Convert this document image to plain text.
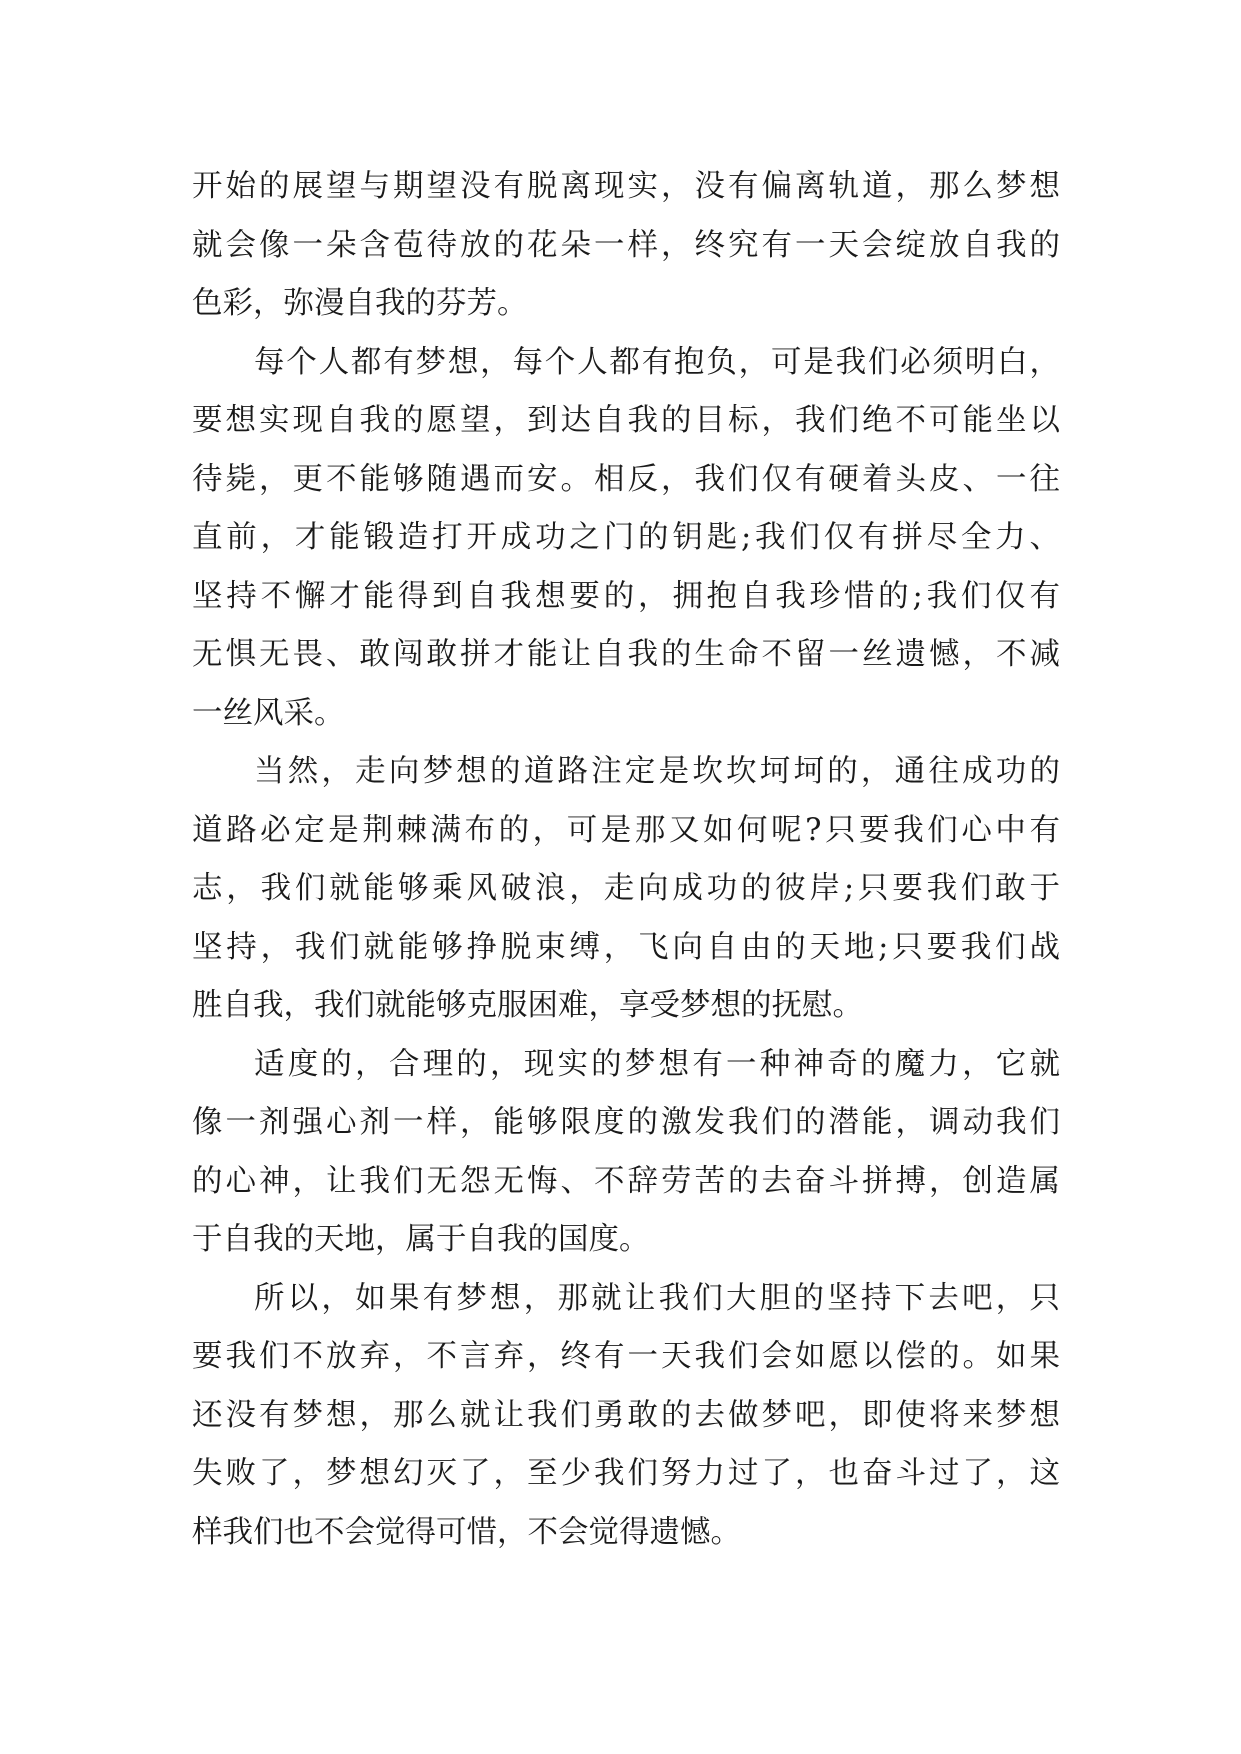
开始的展望与期望没有脱离现实，没有偏离轨道，那么梦想
就会像一朵含苞待放的花朵一样，终究有一天会绽放自我的
色彩，弥漫自我的芬芳。
每个人都有梦想，每个人都有抱负，可是我们必须明白，
要想实现自我的愿望，到达自我的目标，我们绝不可能坐以
待毙，更不能够随遇而安。相反，我们仅有硬着头皮、一往
直前，才能锻造打开成功之门的钥匙;我们仅有拼尽全力、
坚持不懈才能得到自我想要的，拥抱自我珍惜的;我们仅有
无惧无畏、敢闯敢拼才能让自我的生命不留一丝遗憾，不减
一丝风采。
当然，走向梦想的道路注定是坎坎坷坷的，通往成功的
道路必定是荆棘满布的，可是那又如何呢?只要我们心中有
志，我们就能够乘风破浪，走向成功的彼岸;只要我们敢于
坚持，我们就能够挣脱束缚，飞向自由的天地;只要我们战
胜自我，我们就能够克服困难，享受梦想的抚慰。
适度的，合理的，现实的梦想有一种神奇的魔力，它就
像一剂强心剂一样，能够限度的激发我们的潜能，调动我们
的心神，让我们无怨无悔、不辞劳苦的去奋斗拼搏，创造属
于自我的天地，属于自我的国度。
所以，如果有梦想，那就让我们大胆的坚持下去吧，只
要我们不放弃，不言弃，终有一天我们会如愿以偿的。如果
还没有梦想，那么就让我们勇敢的去做梦吧，即使将来梦想
失败了，梦想幻灭了，至少我们努力过了，也奋斗过了，这
样我们也不会觉得可惜，不会觉得遗憾。
